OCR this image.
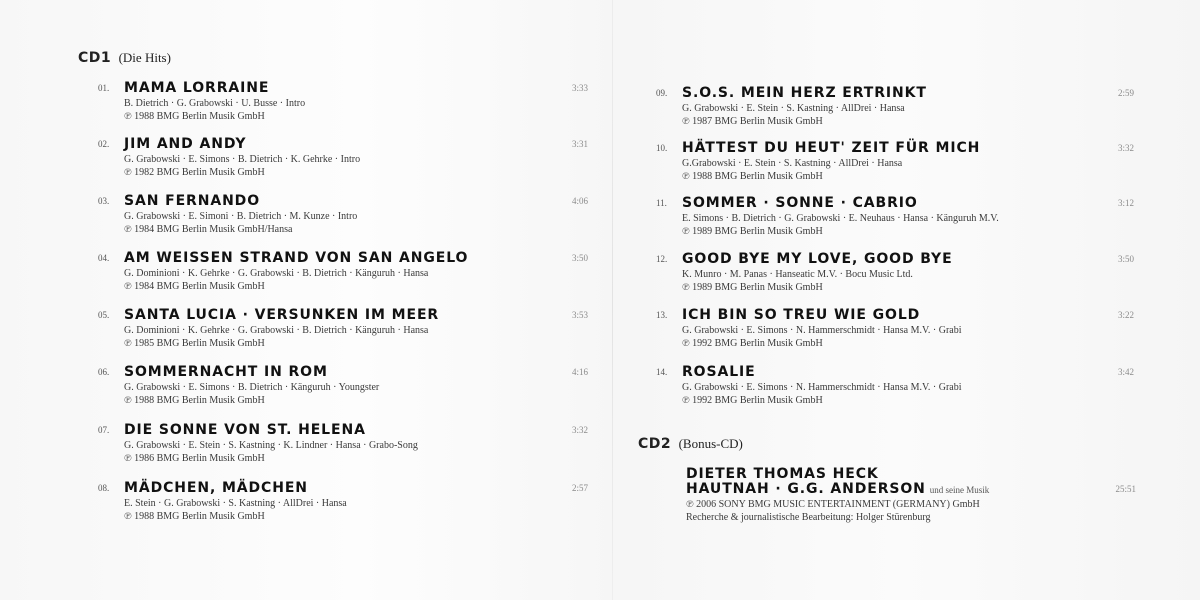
CD1 (Die Hits)
01. MAMA LORRAINE	3:33
B. Dietrich · G. Grabowski · U. Busse · Intro
℗ 1988 BMG Berlin Musik GmbH
02. JIM AND ANDY	3:31
G. Grabowski · E. Simons · B. Dietrich · K. Gehrke · Intro
℗ 1982 BMG Berlin Musik GmbH
03. SAN FERNANDO	4:06
G. Grabowski · E. Simoni · B. Dietrich · M. Kunze · Intro
℗ 1984 BMG Berlin Musik GmbH/Hansa
04. AM WEISSEN STRAND VON SAN ANGELO	3:50
G. Dominioni · K. Gehrke · G. Grabowski · B. Dietrich · Känguruh · Hansa
℗ 1984 BMG Berlin Musik GmbH
05. SANTA LUCIA · VERSUNKEN IM MEER	3:53
G. Dominioni · K. Gehrke · G. Grabowski · B. Dietrich · Känguruh · Hansa
℗ 1985 BMG Berlin Musik GmbH
06. SOMMERNACHT IN ROM	4:16
G. Grabowski · E. Simons · B. Dietrich · Känguruh · Youngster
℗ 1988 BMG Berlin Musik GmbH
07. DIE SONNE VON ST. HELENA	3:32
G. Grabowski · E. Stein · S. Kastning · K. Lindner · Hansa · Grabo-Song
℗ 1986 BMG Berlin Musik GmbH
08. MÄDCHEN, MÄDCHEN	2:57
E. Stein · G. Grabowski · S. Kastning · AllDrei · Hansa
℗ 1988 BMG Berlin Musik GmbH
09. S.O.S. MEIN HERZ ERTRINKT	2:59
G. Grabowski · E. Stein · S. Kastning · AllDrei · Hansa
℗ 1987 BMG Berlin Musik GmbH
10. HÄTTEST DU HEUT' ZEIT FÜR MICH	3:32
G.Grabowski · E. Stein · S. Kastning · AllDrei · Hansa
℗ 1988 BMG Berlin Musik GmbH
11. SOMMER · SONNE · CABRIO	3:12
E. Simons · B. Dietrich · G. Grabowski · E. Neuhaus · Hansa · Känguruh M.V.
℗ 1989 BMG Berlin Musik GmbH
12. GOOD BYE MY LOVE, GOOD BYE	3:50
K. Munro · M. Panas · Hanseatic M.V. · Bocu Music Ltd.
℗ 1989 BMG Berlin Musik GmbH
13. ICH BIN SO TREU WIE GOLD	3:22
G. Grabowski · E. Simons · N. Hammerschmidt · Hansa M.V. · Grabi
℗ 1992 BMG Berlin Musik GmbH
14. ROSALIE	3:42
G. Grabowski · E. Simons · N. Hammerschmidt · Hansa M.V. · Grabi
℗ 1992 BMG Berlin Musik GmbH
CD2 (Bonus-CD)
DIETER THOMAS HECK
HAUTNAH · G.G. ANDERSON und seine Musik	25:51
℗ 2006 SONY BMG MUSIC ENTERTAINMENT (GERMANY) GmbH
Recherche & journalistische Bearbeitung: Holger Stürenburg
